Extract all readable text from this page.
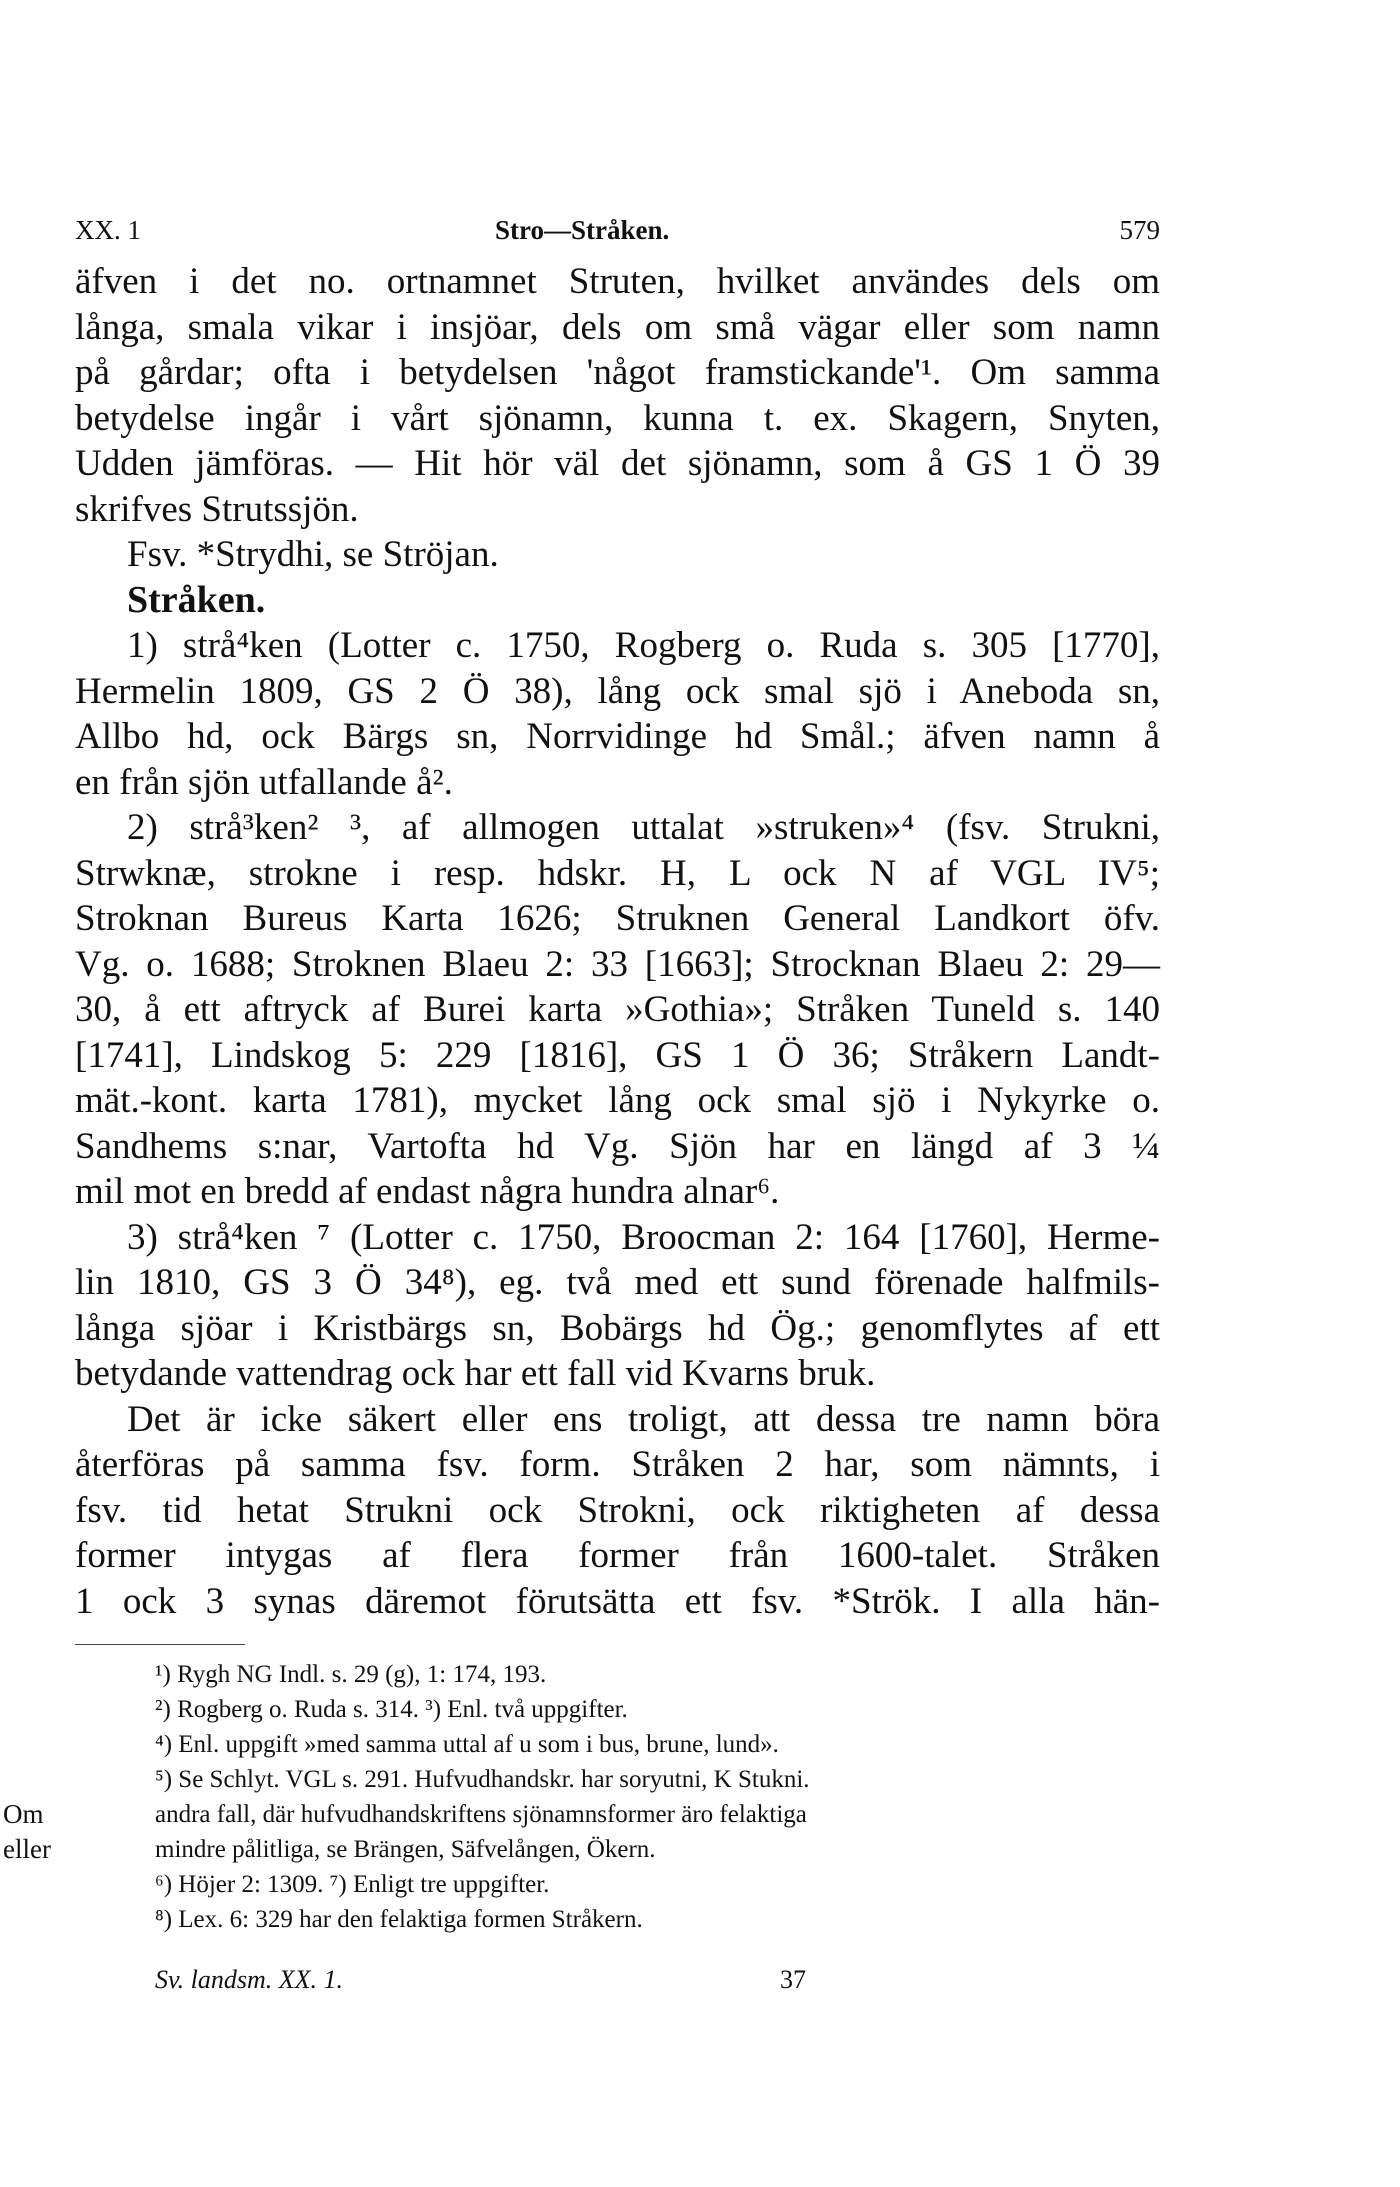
XX. 1	Stro—Stråken.	579
äfven i det no. ortnamnet Struten, hvilket användes dels om
långa, smala vikar i insjöar, dels om små vägar eller som namn
på gårdar; ofta i betydelsen 'något framstickande'¹. Om samma
betydelse ingår i vårt sjönamn, kunna t. ex. Skagern, Snyten,
Udden jämföras. — Hit hör väl det sjönamn, som å GS 1 Ö 39
skrifves Strutssjön.
Fsv. *Strydhi, se Ströjan.
Stråken.
1) strå⁴ken (Lotter c. 1750, Rogberg o. Ruda s. 305 [1770],
Hermelin 1809, GS 2 Ö 38), lång ock smal sjö i Aneboda sn,
Allbo hd, ock Bärgs sn, Norrvidinge hd Smål.; äfven namn å
en från sjön utfallande å².
2) strå³ken² ³, af allmogen uttalat »struken»⁴ (fsv. Strukni,
Strwknæ, strokne i resp. hdskr. H, L ock N af VGL IV⁵;
Stroknan Bureus Karta 1626; Struknen General Landkort öfv.
Vg. o. 1688; Stroknen Blaeu 2: 33 [1663]; Strocknan Blaeu 2: 29—
30, å ett aftryck af Burei karta »Gothia»; Stråken Tuneld s. 140
[1741], Lindskog 5: 229 [1816], GS 1 Ö 36; Stråkern Landt-
mät.-kont. karta 1781), mycket lång ock smal sjö i Nykyrke o.
Sandhems s:nar, Vartofta hd Vg. Sjön har en längd af 3 ¼
mil mot en bredd af endast några hundra alnar⁶.
3) strå⁴ken ⁷ (Lotter c. 1750, Broocman 2: 164 [1760], Herme-
lin 1810, GS 3 Ö 34⁸), eg. två med ett sund förenade halfmils-
långa sjöar i Kristbärgs sn, Bobärgs hd Ög.; genomflytes af ett
betydande vattendrag ock har ett fall vid Kvarns bruk.
Det är icke säkert eller ens troligt, att dessa tre namn böra
återföras på samma fsv. form. Stråken 2 har, som nämnts, i
fsv. tid hetat Strukni ock Strokni, ock riktigheten af dessa
former intygas af flera former från 1600-talet. Stråken
1 ock 3 synas däremot förutsätta ett fsv. *Strök. I alla hän-
¹) Rygh NG Indl. s. 29 (g), 1: 174, 193.
²) Rogberg o. Ruda s. 314. ³) Enl. två uppgifter.
⁴) Enl. uppgift »med samma uttal af u som i bus, brune, lund».
⁵) Se Schlyt. VGL s. 291. Hufvudhandskr. har soryutni, K Stukni.
Om	andra fall, där hufvudhandskriftens sjönamnsformer äro felaktiga
eller	mindre pålitliga, se Brängen, Säfvelången, Ökern.
⁶) Höjer 2: 1309. ⁷) Enligt tre uppgifter.
⁸) Lex. 6: 329 har den felaktiga formen Stråkern.
Sv. landsm. XX. 1.	37
